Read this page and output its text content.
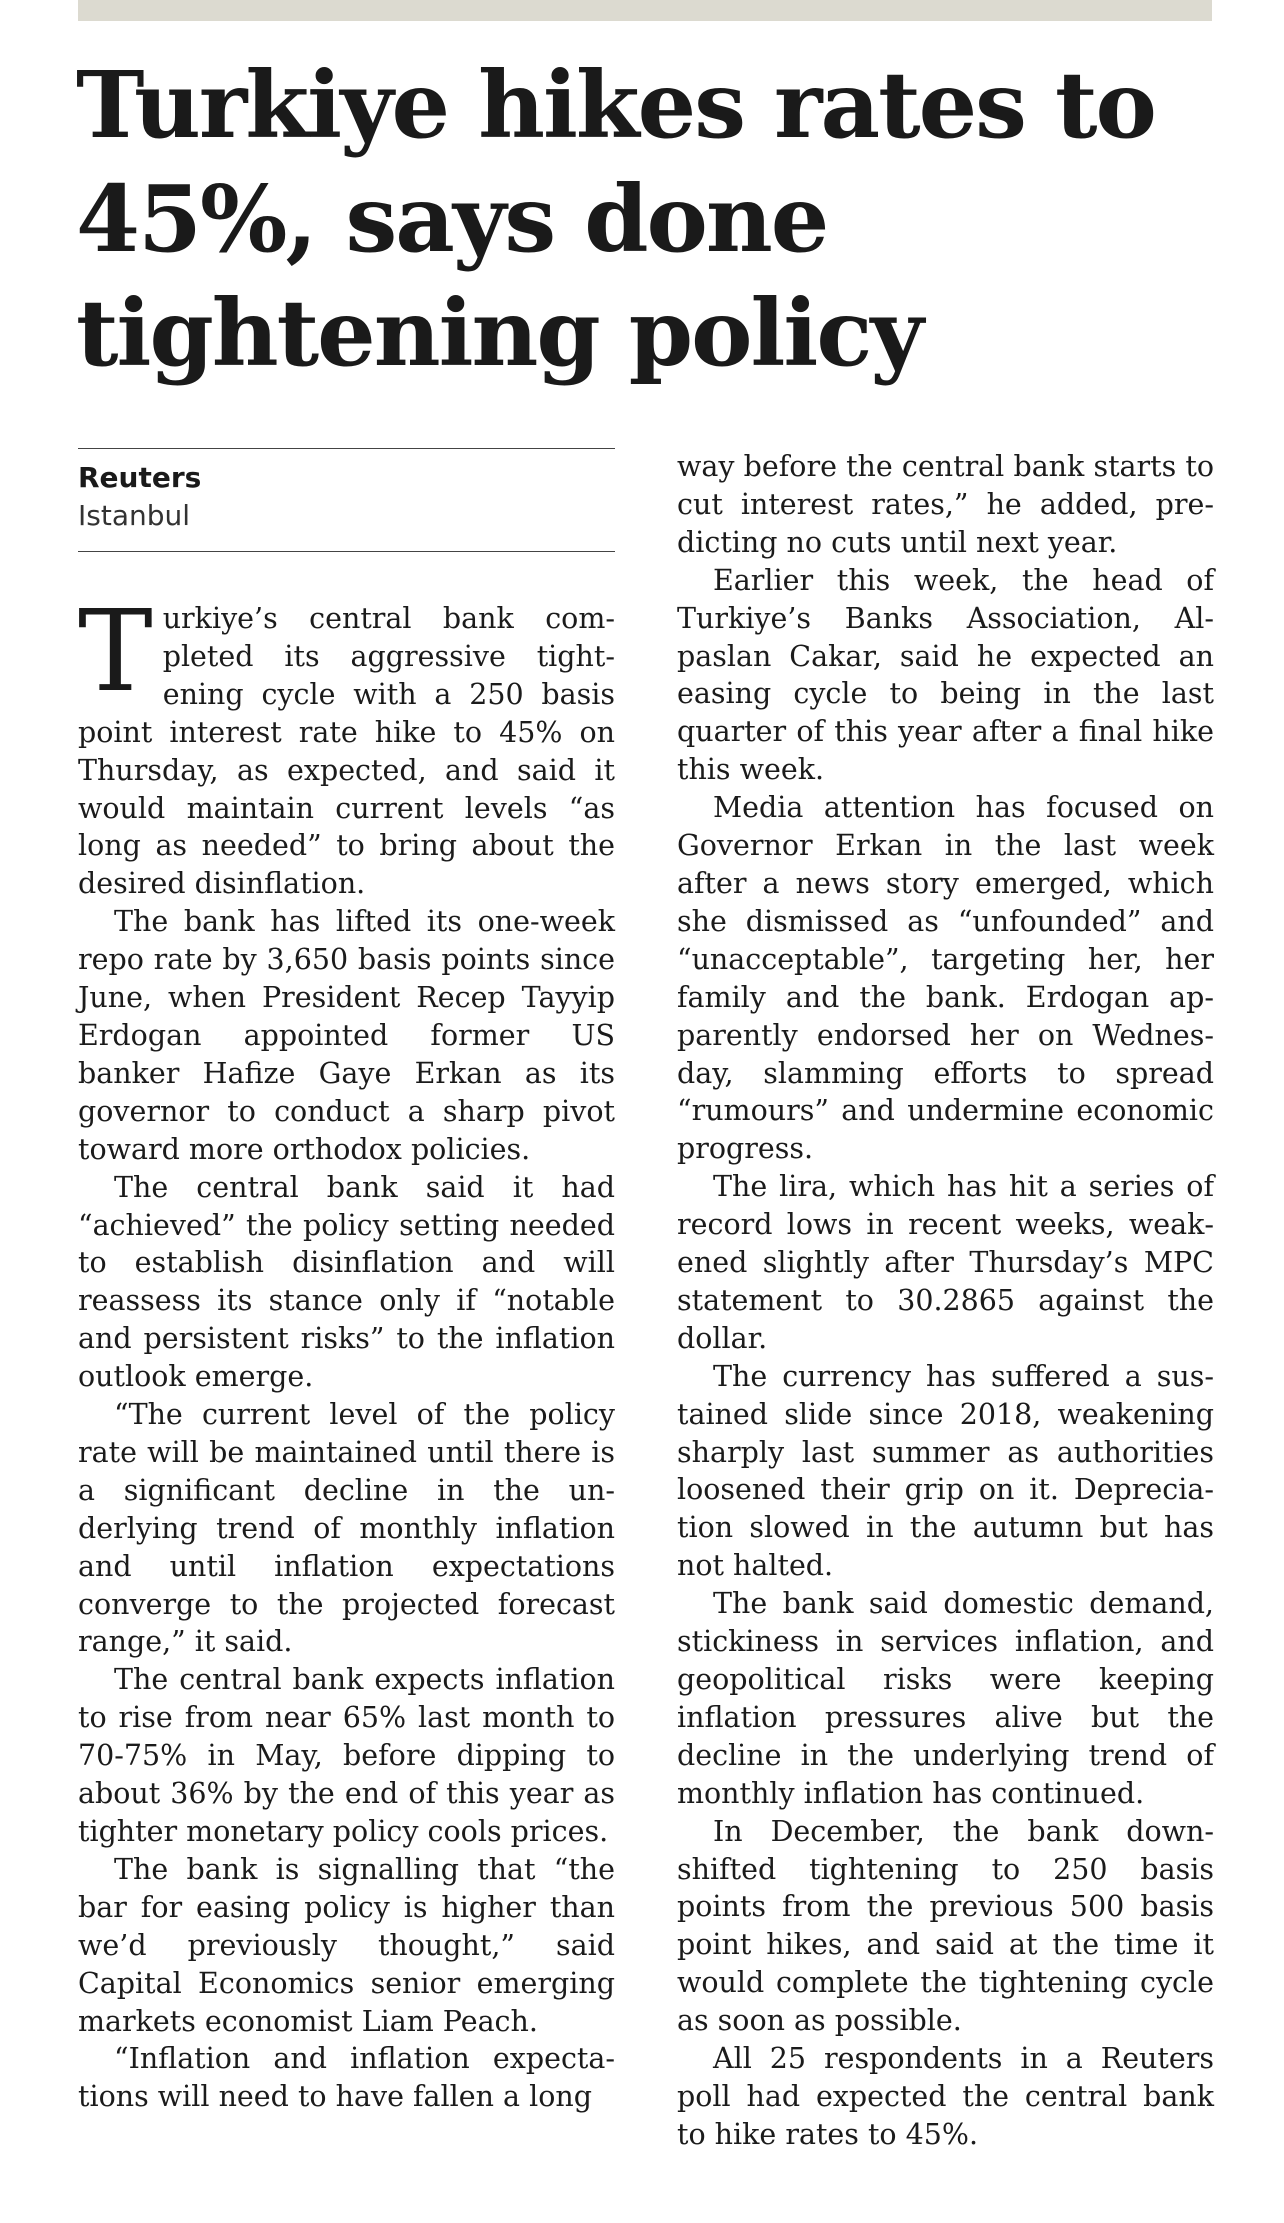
Turkiye hikes rates to 45%, says done tightening policy
Reuters
Istanbul

Turkiye’s central bank completed its aggressive tightening cycle with a 250 basis point interest rate hike to 45% on Thursday, as expected, and said it would maintain current levels “as long as needed” to bring about the desired disinflation.

The bank has lifted its one-week repo rate by 3,650 basis points since June, when President Recep Tayyip Erdogan appointed former US banker Hafize Gaye Erkan as its governor to conduct a sharp pivot toward more orthodox policies.

The central bank said it had “achieved” the policy setting needed to establish disinflation and will reassess its stance only if “notable and persistent risks” to the inflation outlook emerge.

“The current level of the policy rate will be maintained until there is a significant decline in the underlying trend of monthly inflation and until inflation expectations converge to the projected forecast range,” it said.

The central bank expects inflation to rise from near 65% last month to 70-75% in May, before dipping to about 36% by the end of this year as tighter monetary policy cools prices.

The bank is signalling that “the bar for easing policy is higher than we’d previously thought,” said Capital Economics senior emerging markets economist Liam Peach.

“Inflation and inflation expectations will need to have fallen a long

way before the central bank starts to cut interest rates,” he added, predicting no cuts until next year.

Earlier this week, the head of Turkiye’s Banks Association, Alpaslan Cakar, said he expected an easing cycle to being in the last quarter of this year after a final hike this week.

Media attention has focused on Governor Erkan in the last week after a news story emerged, which she dismissed as “unfounded” and “unacceptable”, targeting her, her family and the bank. Erdogan apparently endorsed her on Wednesday, slamming efforts to spread “rumours” and undermine economic progress.

The lira, which has hit a series of record lows in recent weeks, weakened slightly after Thursday’s MPC statement to 30.2865 against the dollar.

The currency has suffered a sustained slide since 2018, weakening sharply last summer as authorities loosened their grip on it. Depreciation slowed in the autumn but has not halted.

The bank said domestic demand, stickiness in services inflation, and geopolitical risks were keeping inflation pressures alive but the decline in the underlying trend of monthly inflation has continued.

In December, the bank downshifted tightening to 250 basis points from the previous 500 basis point hikes, and said at the time it would complete the tightening cycle as soon as possible.

All 25 respondents in a Reuters poll had expected the central bank to hike rates to 45%.
